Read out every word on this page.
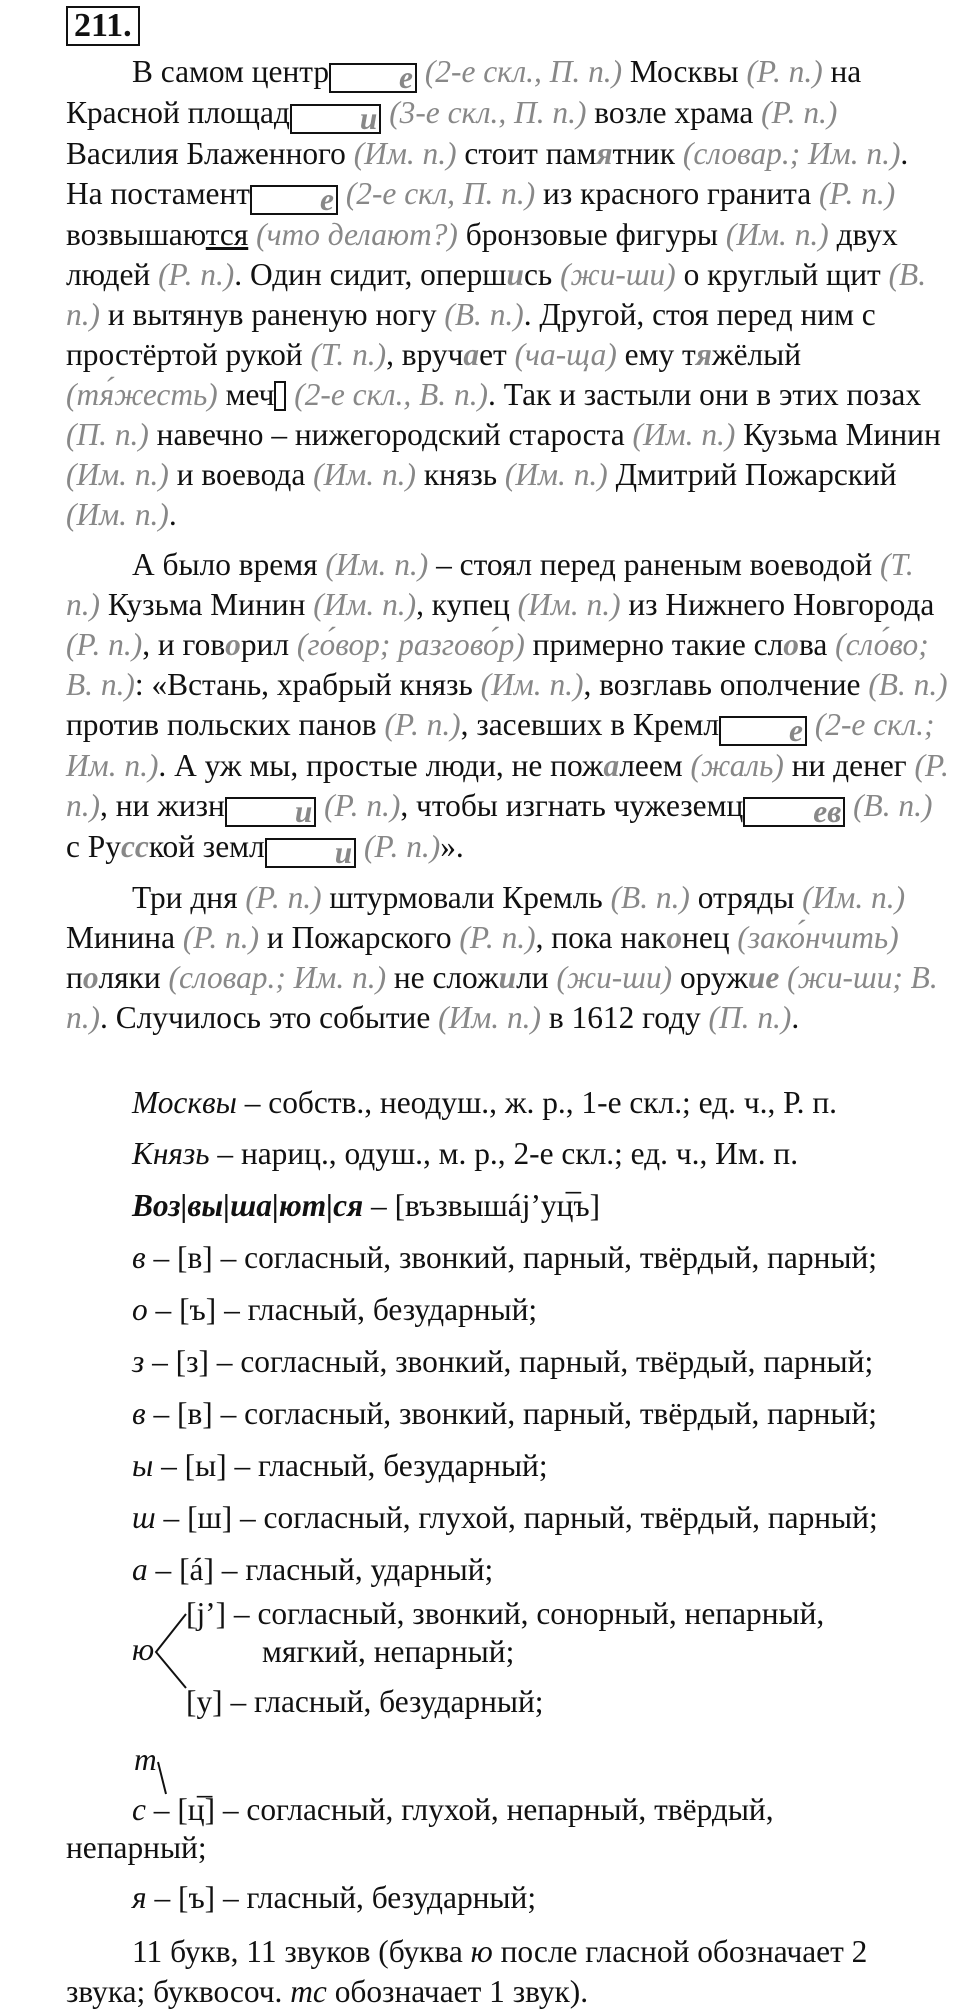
211.

В самом центр е (2-е скл., П. п.) Москвы (Р. п.) на Красной площад и (3-е скл., П. п.) возле храма (Р. п.) Василия Блаженного (Им. п.) стоит памятник (словар.; Им. п.). На постамент е (2-е скл, П. п.) из красного гранита (Р. п.) возвышаются (что делают?) бронзовые фигуры (Им. п.) двух людей (Р. п.). Один сидит, опершись (жи-ши) о круглый щит (В. п.) и вытянув раненую ногу (В. п.). Другой, стоя перед ним с простёртой рукой (Т. п.), вручает (ча-ща) ему тяжёлый (тя́жесть) меч (2-е скл., В. п.). Так и застыли они в этих позах (П. п.) навечно – нижегородский староста (Им. п.) Кузьма Минин (Им. п.) и воевода (Им. п.) князь (Им. п.) Дмитрий Пожарский (Им. п.).

А было время (Им. п.) – стоял перед раненым воеводой (Т. п.) Кузьма Минин (Им. п.), купец (Им. п.) из Нижнего Новгорода (Р. п.), и говорил (го́вор; разгово́р) примерно такие слова (сло́во; В. п.): «Встань, храбрый князь (Им. п.), возглавь ополчение (В. п.) против польских панов (Р. п.), засевших в Кремл е (2-е скл.; Им. п.). А уж мы, простые люди, не пожалеем (жаль) ни денег (Р. п.), ни жизн и (Р. п.), чтобы изгнать чужеземц ев (В. п.) с Русской земл и (Р. п.)».

Три дня (Р. п.) штурмовали Кремль (В. п.) отряды (Им. п.) Минина (Р. п.) и Пожарского (Р. п.), пока наконец (зако́нчить) поляки (словар.; Им. п.) не сложили (жи-ши) оружие (жи-ши; В. п.). Случилось это событие (Им. п.) в 1612 году (П. п.).

Москвы – собств., неодуш., ж. р., 1-е скл.; ед. ч., Р. п.
Князь – нариц., одуш., м. р., 2-е скл.; ед. ч., Им. п.
Воз|вы|ша|ют|ся – [възвышáj’уц̅ъ]
в – [в] – согласный, звонкий, парный, твёрдый, парный;
о – [ъ] – гласный, безударный;
з – [з] – согласный, звонкий, парный, твёрдый, парный;
в – [в] – согласный, звонкий, парный, твёрдый, парный;
ы – [ы] – гласный, безударный;
ш – [ш] – согласный, глухой, парный, твёрдый, парный;
а – [á] – гласный, ударный;
ю
[j’] – согласный, звонкий, сонорный, непарный,
мягкий, непарный;
[у] – гласный, безударный;
т
с – [ц̅] – согласный, глухой, непарный, твёрдый,
непарный;
я – [ъ] – гласный, безударный;
11 букв, 11 звуков (буква ю после гласной обозначает 2 звука; буквосоч. тс обозначает 1 звук).
